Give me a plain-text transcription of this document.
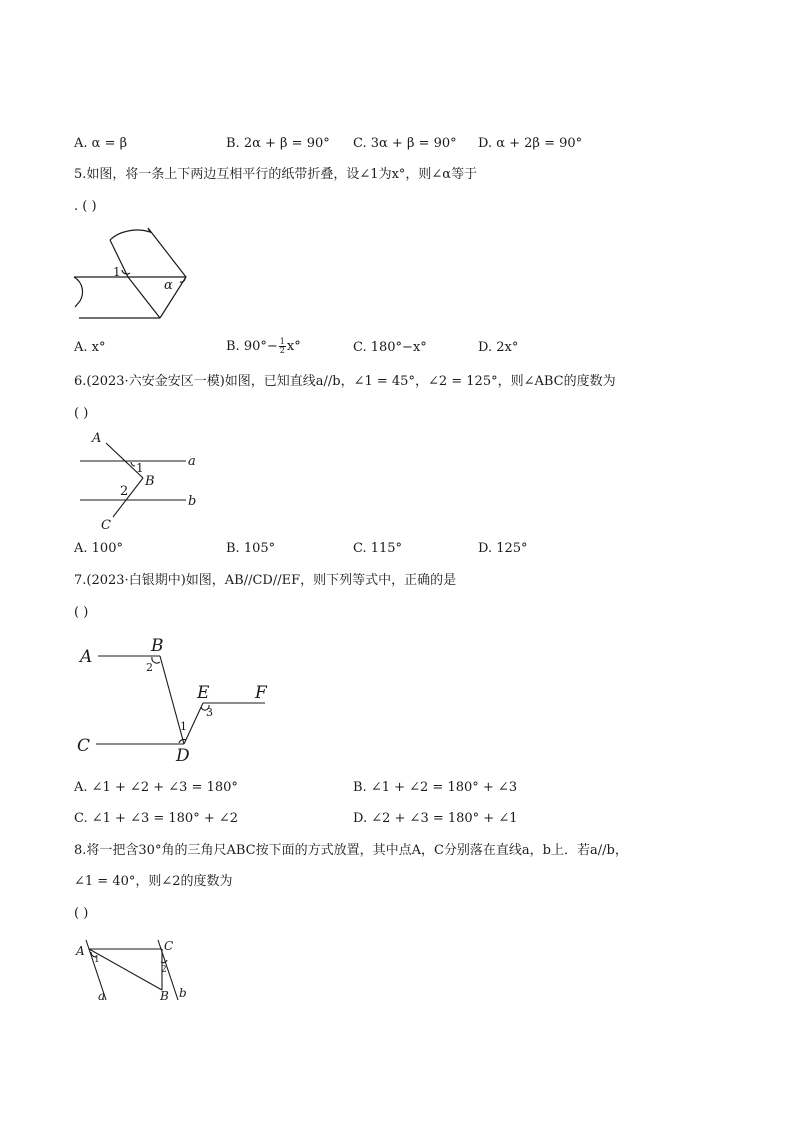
A. α = β	B. 2α + β = 90° C. 3α + β = 90° D. α + 2β = 90°
5.如图，将一条上下两边互相平行的纸带折叠，设∠1为x°，则∠α等于
. ( )
1
α
A. x°	B. $90^\circ- \frac{1}{2} x^\circ$	C. 180°−x°	D. 2x°
6.(2023·六安金安区一模)如图，已知直线a//b，∠1 = 45°，∠2 = 125°，则∠ABC的度数为
( )
A
a
1
B
2
b
C
A. 100°	B. 105°	C. 115°	D. 125°
7.(2023·白银期中)如图，AB//CD//EF，则下列等式中，正确的是
( )
A
B
2
E	F
3
1
C	D
A. ∠1 + ∠2 + ∠3 = 180°	B. ∠1 + ∠2 = 180° + ∠3
C. ∠1 + ∠3 = 180° + ∠2	D. ∠2 + ∠3 = 180° + ∠1
8.将一把含30°角的三角尺ABC按下面的方式放置，其中点A，C分别落在直线a，b上．若a//b，
∠1 = 40°，则∠2的度数为
( )
A
1
C
2
B
a	b
